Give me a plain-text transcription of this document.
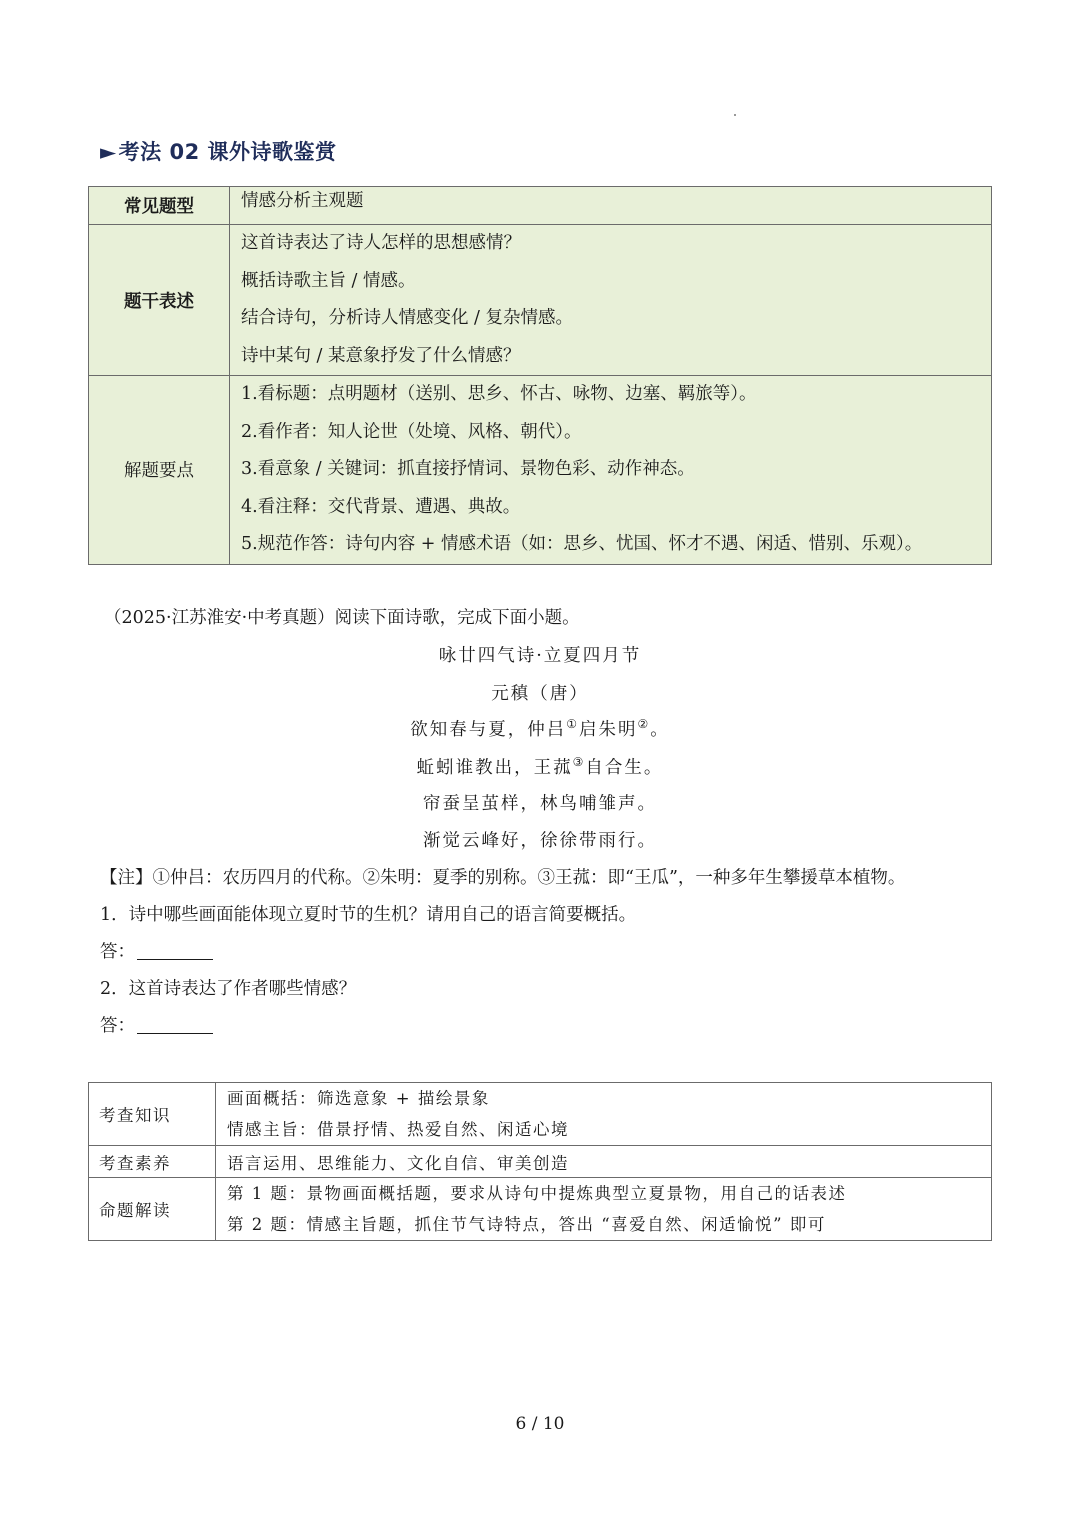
►考法 02 课外诗歌鉴赏
常见题型	情感分析主观题
题干表述	这首诗表达了诗人怎样的思想感情？
概括诗歌主旨 / 情感。
结合诗句，分析诗人情感变化 / 复杂情感。
诗中某句 / 某意象抒发了什么情感？

解题要点	1.看标题：点明题材（送别、思乡、怀古、咏物、边塞、羁旅等）。
2.看作者：知人论世（处境、风格、朝代）。
3.看意象 / 关键词：抓直接抒情词、景物色彩、动作神态。
4.看注释：交代背景、遭遇、典故。
5.规范作答：诗句内容 + 情感术语（如：思乡、忧国、怀才不遇、闲适、惜别、乐观）。
（2025·江苏淮安·中考真题）阅读下面诗歌，完成下面小题。
咏廿四气诗·立夏四月节
元稹（唐）
欲知春与夏，仲吕①启朱明②。
蚯蚓谁教出，王菰③自合生。
帘蚕呈茧样，林鸟哺雏声。
渐觉云峰好，徐徐带雨行。
【注】①仲吕：农历四月的代称。②朱明：夏季的别称。③王菰：即“王瓜”，一种多年生攀援草本植物。
1．诗中哪些画面能体现立夏时节的生机？请用自己的语言简要概括。
答：
2．这首诗表达了作者哪些情感？
答：
考查知识	画面概括：筛选意象 + 描绘景象
情感主旨：借景抒情、热爱自然、闲适心境

考查素养	语言运用、思维能力、文化自信、审美创造
命题解读	第 1 题：景物画面概括题，要求从诗句中提炼典型立夏景物，用自己的话表述
第 2 题：情感主旨题，抓住节气诗特点，答出 “喜爱自然、闲适愉悦” 即可
6 / 10
